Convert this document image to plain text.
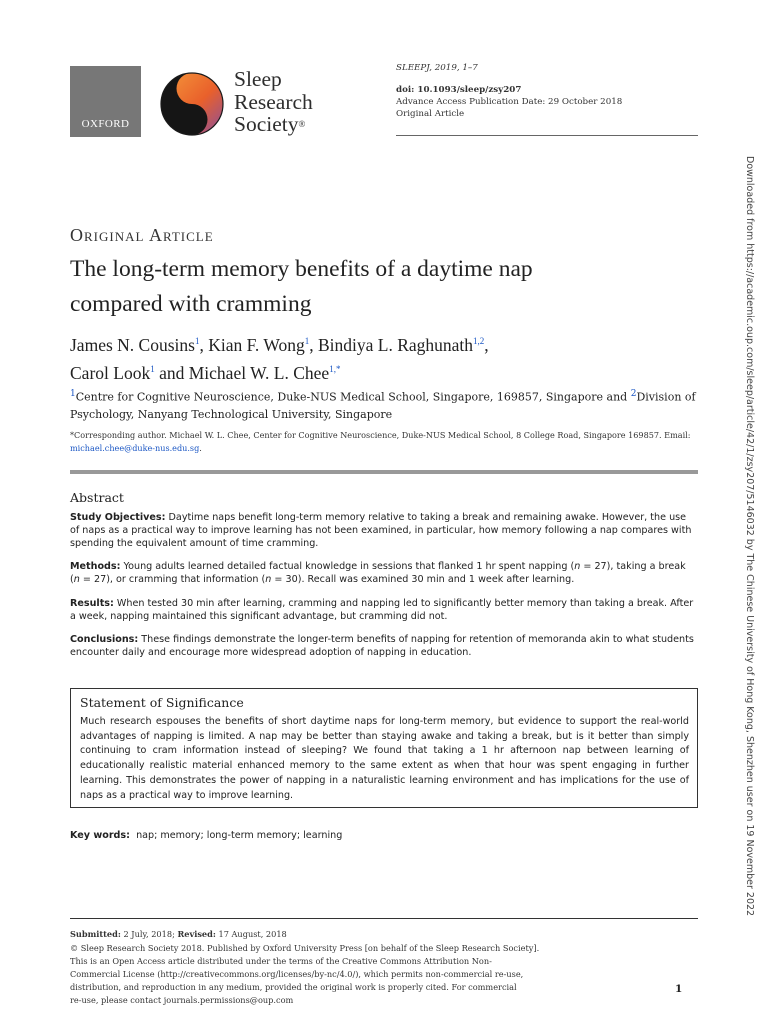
OXFORD
Sleep
Research
Society®
SLEEPJ, 2019, 1–7
doi: 10.1093/sleep/zsy207
Advance Access Publication Date: 29 October 2018
Original Article
Downloaded from https://academic.oup.com/sleep/article/42/1/zsy207/5146032 by The Chinese University of Hong Kong, Shenzhen user on 19 November 2022
Original Article
The long-term memory benefits of a daytime nap
compared with cramming
James N. Cousins$^1$, Kian F. Wong$^1$, Bindiya L. Raghunath$^{1,2}$,
Carol Look$^1$ and Michael W. L. Chee$^{1,*}$
$^1$Centre for Cognitive Neuroscience, Duke-NUS Medical School, Singapore, 169857, Singapore and $^2$Division of Psychology, Nanyang Technological University, Singapore
*Corresponding author. Michael W. L. Chee, Center for Cognitive Neuroscience, Duke-NUS Medical School, 8 College Road, Singapore 169857. Email: michael.chee@duke-nus.edu.sg.
Abstract
Study Objectives: Daytime naps benefit long-term memory relative to taking a break and remaining awake. However, the use of naps as a practical way to improve learning has not been examined, in particular, how memory following a nap compares with spending the equivalent amount of time cramming.
Methods: Young adults learned detailed factual knowledge in sessions that flanked 1 hr spent napping (n = 27), taking a break (n = 27), or cramming that information (n = 30). Recall was examined 30 min and 1 week after learning.
Results: When tested 30 min after learning, cramming and napping led to significantly better memory than taking a break. After a week, napping maintained this significant advantage, but cramming did not.
Conclusions: These findings demonstrate the longer-term benefits of napping for retention of memoranda akin to what students encounter daily and encourage more widespread adoption of napping in education.
Statement of Significance
Much research espouses the benefits of short daytime naps for long-term memory, but evidence to support the real-world advantages of napping is limited. A nap may be better than staying awake and taking a break, but is it better than simply continuing to cram information instead of sleeping? We found that taking a 1 hr afternoon nap between learning of educationally realistic material enhanced memory to the same extent as when that hour was spent engaging in further learning. This demonstrates the power of napping in a naturalistic learning environment and has implications for the use of naps as a practical way to improve learning.
Key words: nap; memory; long-term memory; learning
Submitted: 2 July, 2018; Revised: 17 August, 2018
© Sleep Research Society 2018. Published by Oxford University Press [on behalf of the Sleep Research Society].
This is an Open Access article distributed under the terms of the Creative Commons Attribution Non-
Commercial License (http://creativecommons.org/licenses/by-nc/4.0/), which permits non-commercial re-use,
distribution, and reproduction in any medium, provided the original work is properly cited. For commercial
re-use, please contact journals.permissions@oup.com
1
